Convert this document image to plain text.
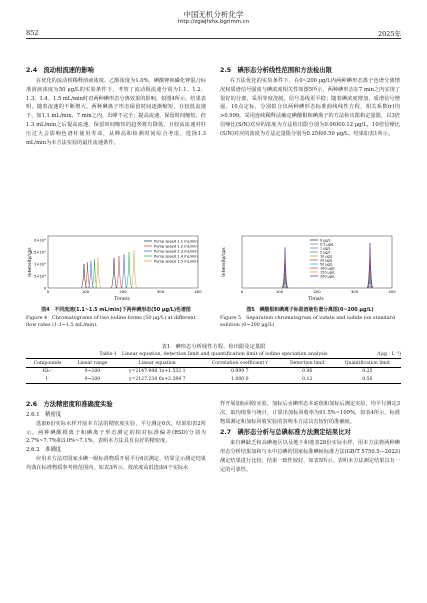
中国无机分析化学
http://zgwjfxhx.bgrimm.cn
852	2025年

2.4　流动相流速的影响

在优化的流动相稀释溶液浓度、乙醇浓度为1.0%、碘酸钾和磷化钾混合标准溶液浓度为50 μg/L的实验条件下，考察了流动相流速分别为1.1、1.2、1.3、1.4、1.5 mL/min时对两种碘形态分离效果的影响，如图4所示。结果表明，随着流速的不断增大，两种碘离子形态保留时间逐渐缩短，在较低流速下，如1.1 mL/min，7 min之内，出峰不完全；提高流速，保留时间缩短，但1.3 mL/min之后提高流速，保留时间缩短的趋势将有降低，且较高流速对柱压过大会影响色谱柱使用寿命，从峰高和检测时间综合考虑，选择1.3 mL/min为本方法实验的最佳流速条件。

2.5　碘形态分析线性范围和方法检出限

在方法优化的实验条件下，在0~200 μg/L内两种碘形态离子色谱分离情况和质谱信号强度与碘浓度相关性如图5所示，两种碘形态在7 min之内实现了很好的分离，采用等度洗脱，信号基线更平稳；随着碘浓度增加，质谱信号增强，10点定标，分别拟合出两种碘形态标准曲线线性方程，相关系数(r)均>0.999。采用连续稀释法确定碘酸根和碘离子的方法检出限和定量限，以3倍信噪比(S/N)对应的浓度为方法检出限分别为0.06和0.12 μg/L，10倍信噪比(S/N)对应的浓度为方法定量限分别为0.25和0.50 μg/L，结果如表1所示。

2×10⁵
1.5×10⁵
1×10⁵
5×10⁴
0
0	100	200	300	400
Pump speed 1.1 mL/min
Pump speed 1.2 mL/min
Pump speed 1.3 mL/min
Pump speed 1.4 mL/min
Pump speed 1.5 mL/min
Time/s
Intensity/cps
图4　不同流速(1.1~1.5 mL/min)下两种碘形态(50 μg/L)色谱图
Figure 4　Chromatograms of two iodine forms (50 μg/L) at different flow rates (1.1~1.5 mL/min).
0	100	200	300	400
0 μg/L
0.5 μg/L
1 μg/L
5 μg/L
10 μg/L
20 μg/L
50 μg/L
100 μg/L
150 μg/L
200 μg/L
Time/s
Intensity/cps
图5　碘酸根和碘离子标准溶液色谱分离图(0~200 μg/L)
Figure 5　Separation chromatogram of iodate and iodide ion standard solution (0~200 μg/L)
表1　碘形态分析线性方程、检出限及定量限
Table 1　Linear equation, detection limit and quantification limit of iodine speciation analysis	/(μg · L⁻¹)
Compounds	Linear range	Linear equation	Correlation coefficient r	Detection limit	Quantification limit
IO₃⁻	0~200	y=2147.948 1x+1.532 1	0.999 7	0.06	0.25
I⁻	0~200	y=2127.230 6x+2.384 7	1.000 0	0.12	0.50

2.6　方法精密度和准确度实验

2.6.1　精密度

选取6份实际水样开展本方法的精密度实验，平行测定6次，结果如表2所示。两种碘酸根离子和碘离子形态测定的相对标准偏差(RSD)分别为2.7%~7.7%和3.0%~7.1%，表明本方法具有良好的精密度。

2.6.2　准确度

应用本方法对国家水碘一级标准物质开展平行6次测定，结果呈示测定结果均落在标准物质参考值范围内，如表3所示。按浓度高低选取4个实际水

样开展加标回收实验，加标后水碘形态本底值和加标后测定实验，均平行测定3次，取均值参与统计，计算出加标回收率为91.5%~109%，如表4所示。标准物质测定和加标回收实验的表明本方法具有较好的准确度。

2.7　碘形态分析与总碘标准方法测定结果比对

来自碘缺乏和高碘地区以及地下和地表28份实际水样，用本方法将两种碘形态分析结果加和与水中总碘的国家标准碘转标准方法(GB/T 5750.5—2023)测定结果进行比较，结果一致性较好，如表5所示。表明本方法测定结果具有一定的可靠性。
